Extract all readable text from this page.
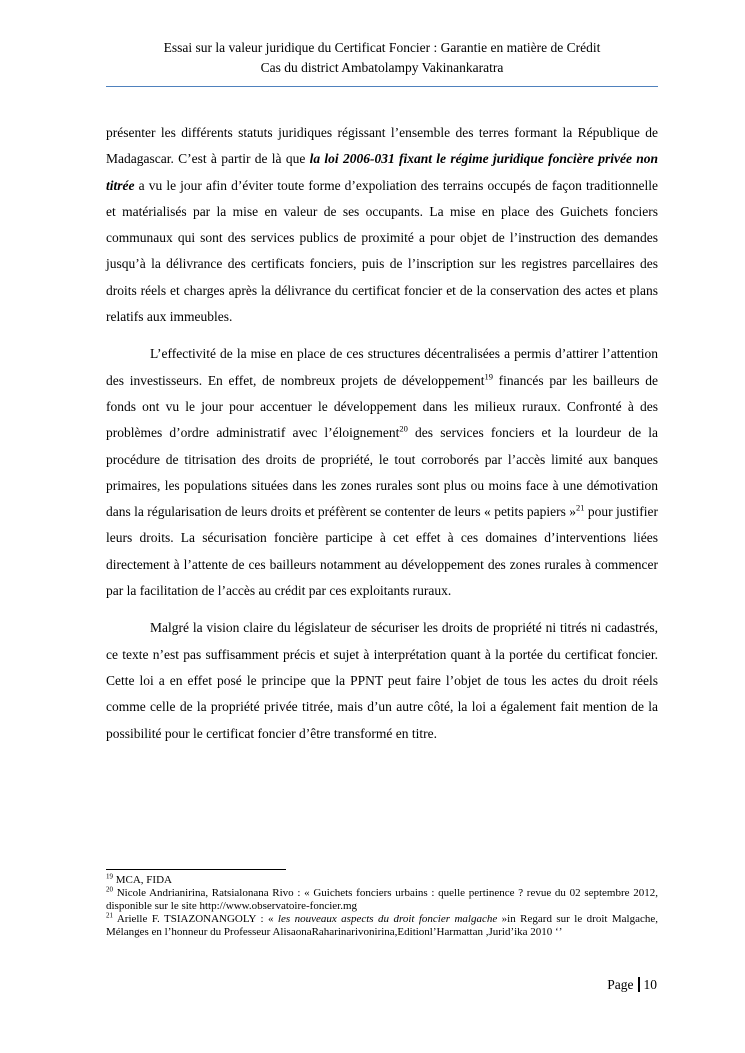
Essai sur la valeur juridique du Certificat Foncier : Garantie en matière de Crédit
Cas du district Ambatolampy Vakinankaratra

présenter les différents statuts juridiques régissant l’ensemble des terres formant la République de Madagascar. C’est à partir de là que la loi 2006-031 fixant le régime juridique foncière privée non titrée a vu le jour afin d’éviter toute forme d’expoliation des terrains occupés de façon traditionnelle et matérialisés par la mise en valeur de ses occupants. La mise en place des Guichets fonciers communaux qui sont des services publics de proximité a pour objet de l’instruction des demandes jusqu’à la délivrance des certificats fonciers, puis de l’inscription sur les registres parcellaires des droits réels et charges après la délivrance du certificat foncier et de la conservation des actes et plans relatifs aux immeubles.

L’effectivité de la mise en place de ces structures décentralisées a permis d’attirer l’attention des investisseurs. En effet, de nombreux projets de développement$^{19}$ financés par les bailleurs de fonds ont vu le jour pour accentuer le développement dans les milieux ruraux. Confronté à des problèmes d’ordre administratif avec l’éloignement$^{20}$ des services fonciers et la lourdeur de la procédure de titrisation des droits de propriété, le tout corroborés par l’accès limité aux banques primaires, les populations situées dans les zones rurales sont plus ou moins face à une démotivation dans la régularisation de leurs droits et préfèrent se contenter de leurs « petits papiers »$^{21}$ pour justifier leurs droits. La sécurisation foncière participe à cet effet à ces domaines d’interventions liées directement à l’attente de ces bailleurs notamment au développement des zones rurales à commencer par la facilitation de l’accès au crédit par ces exploitants ruraux.

Malgré la vision claire du législateur de sécuriser les droits de propriété ni titrés ni cadastrés, ce texte n’est pas suffisamment précis et sujet à interprétation quant à la portée du certificat foncier. Cette loi a en effet posé le principe que la PPNT peut faire l’objet de tous les actes du droit réels comme celle de la propriété privée titrée, mais d’un autre côté, la loi a également fait mention de la possibilité pour le certificat foncier d’être transformé en titre.

$^{19}$ MCA, FIDA
$^{20}$ Nicole Andrianirina, Ratsialonana Rivo : « Guichets fonciers urbains : quelle pertinence ? revue du 02 septembre 2012, disponible sur le site http://www.observatoire-foncier.mg
$^{21}$ Arielle F. TSIAZONANGOLY : « les nouveaux aspects du droit foncier malgache »in Regard sur le droit Malgache, Mélanges en l’honneur du Professeur AlisaonaRaharinarivonirina,Editionl’Harmattan ,Jurid’ika 2010 ‘’
Page 10
